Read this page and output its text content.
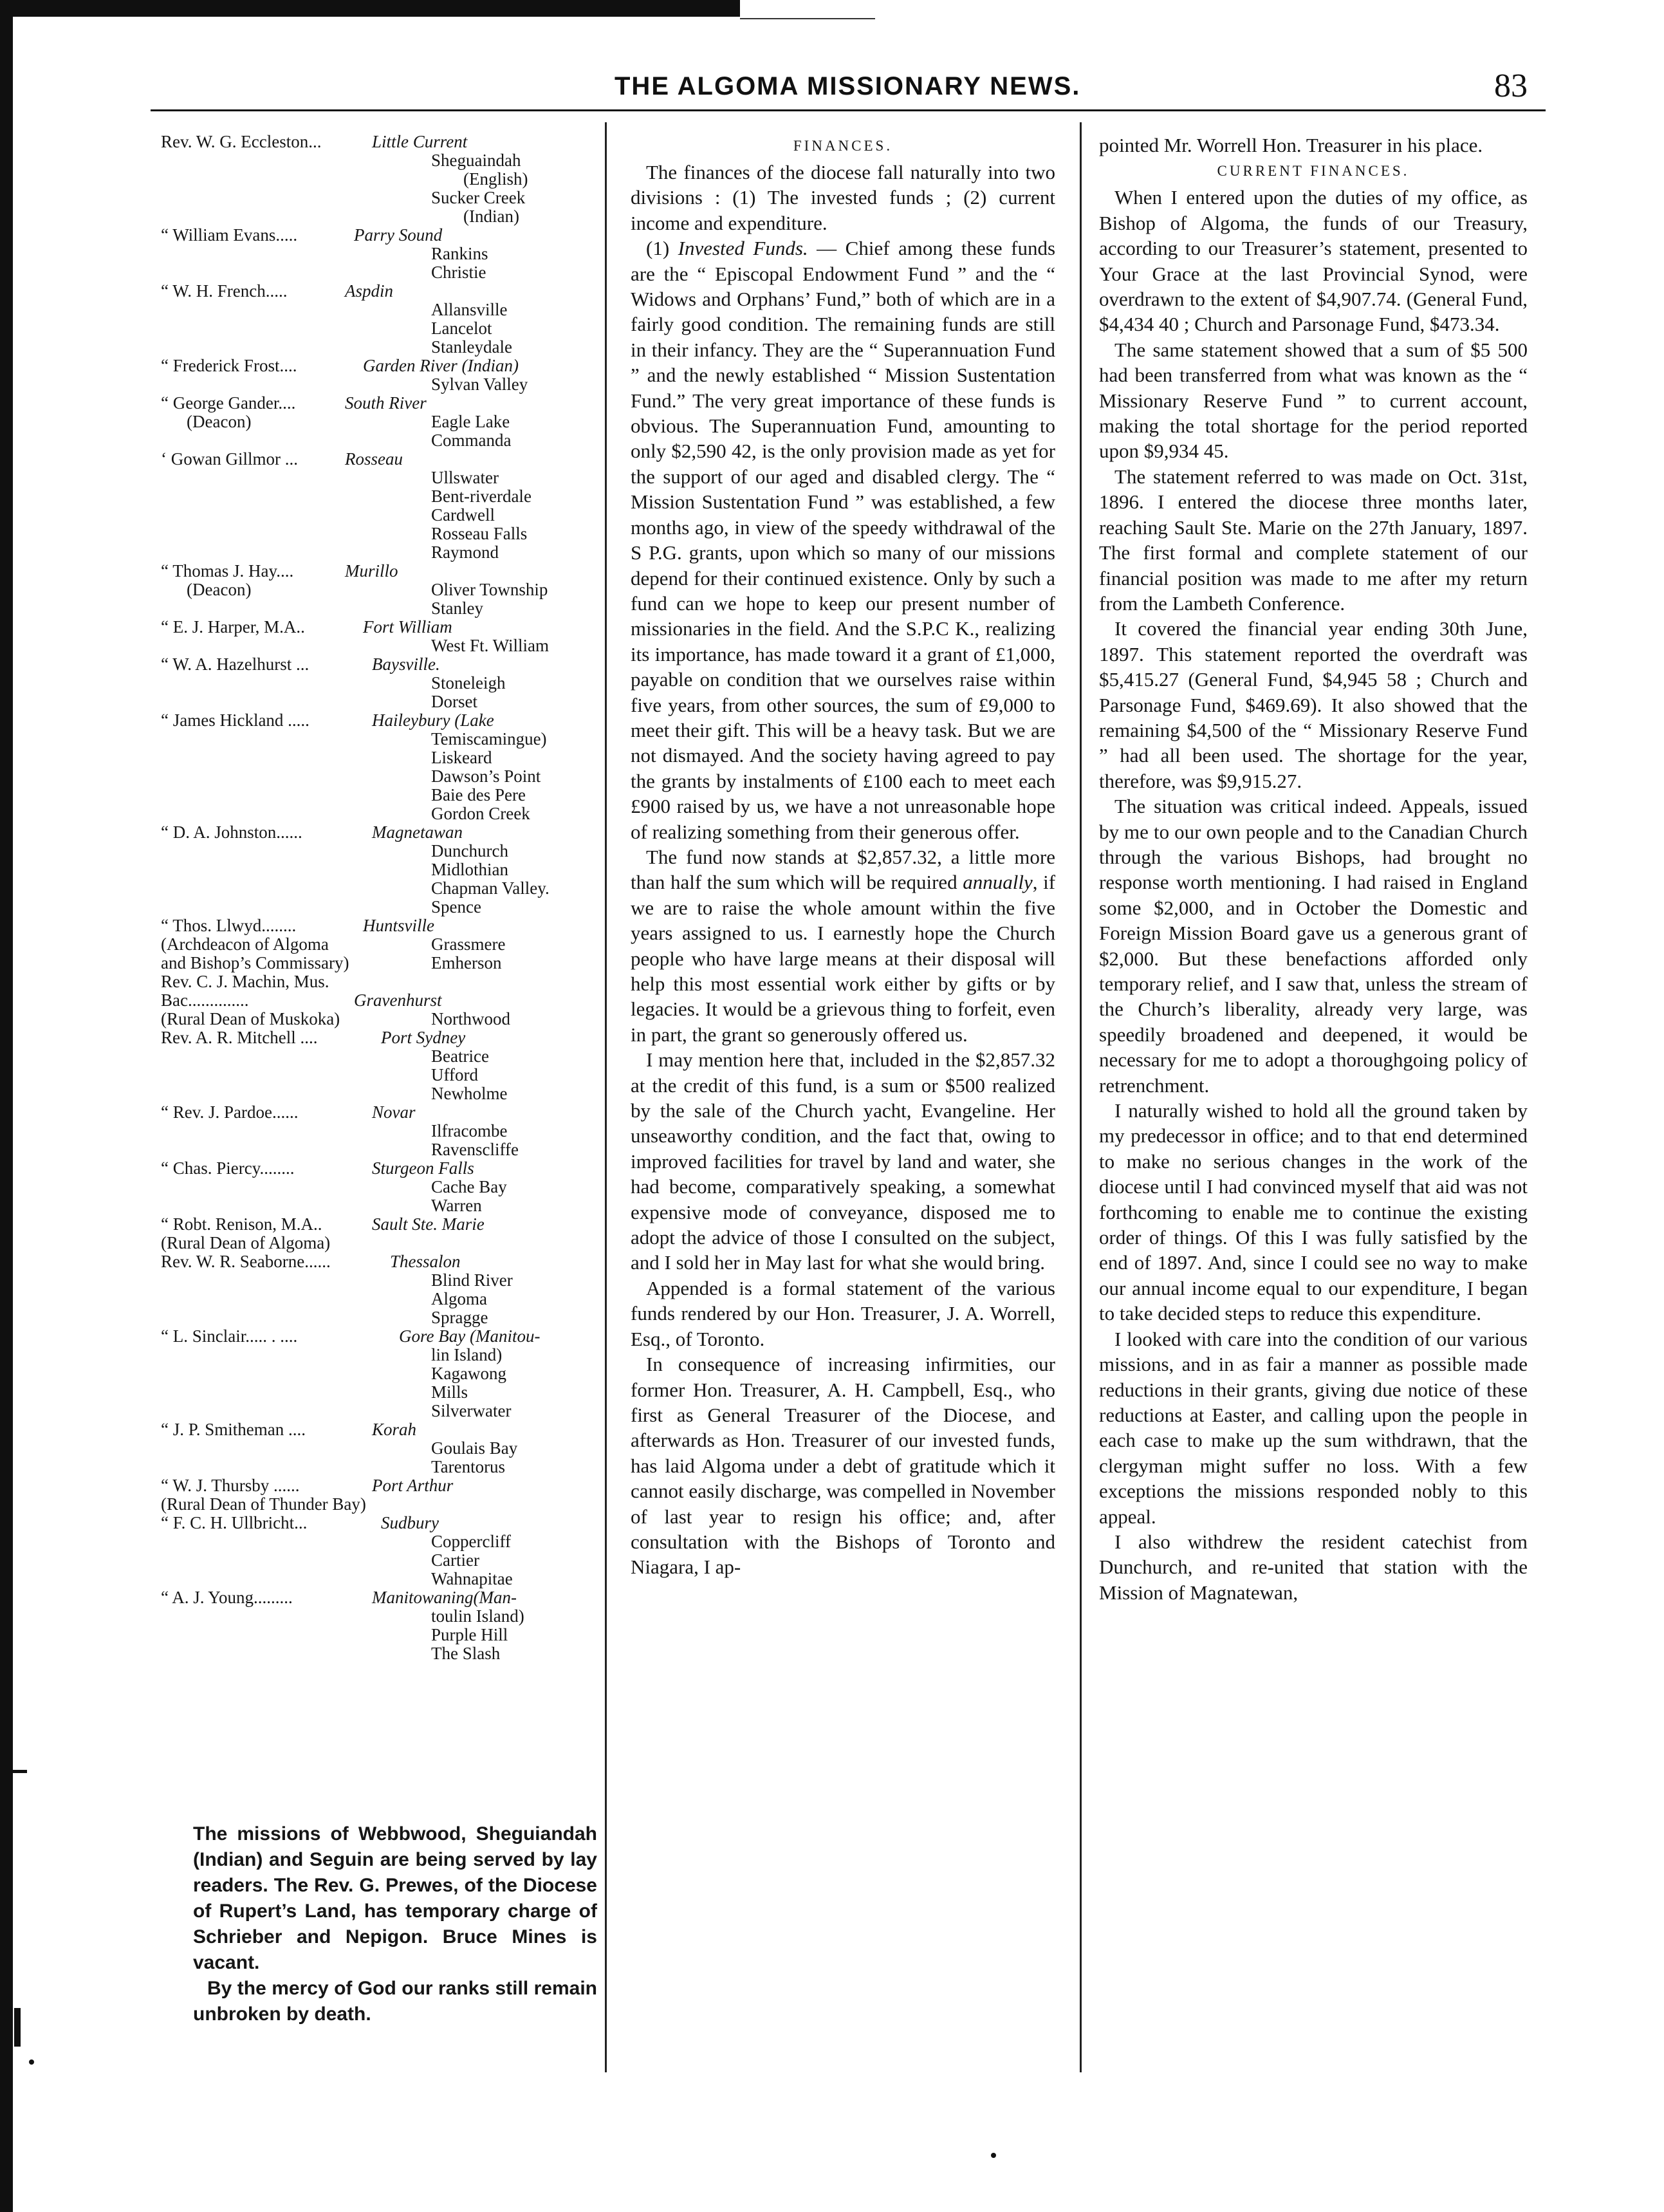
THE ALGOMA MISSIONARY NEWS.	83
Rev. W. G. Eccleston...	Little Current
Sheguaindah
(English)
Sucker Creek
(Indian)
“ William Evans.....	Parry Sound
Rankins
Christie
“ W. H. French.....	Aspdin
Allansville
Lancelot
Stanleydale
“ Frederick Frost....	Garden River (Indian)
Sylvan Valley
“ George Gander....	South River
(Deacon)	Eagle Lake
Commanda
‘ Gowan Gillmor ...	Rosseau
Ullswater
Bent-riverdale
Cardwell
Rosseau Falls
Raymond
“ Thomas J. Hay....	Murillo
(Deacon)	Oliver Township
Stanley
“ E. J. Harper, M.A..	Fort William
West Ft. William
“ W. A. Hazelhurst ...	Baysville.
Stoneleigh
Dorset
“ James Hickland .....	Haileybury (Lake
Temiscamingue)
Liskeard
Dawson’s Point
Baie des Pere
Gordon Creek
“ D. A. Johnston......	Magnetawan
Dunchurch
Midlothian
Chapman Valley.
Spence
“ Thos. Llwyd........	Huntsville
(Archdeacon of Algoma	Grassmere
and Bishop’s Commissary)	Emherson
Rev. C. J. Machin, Mus.
Bac..............	Gravenhurst
(Rural Dean of Muskoka)	Northwood
Rev. A. R. Mitchell ....	Port Sydney
Beatrice
Ufford
Newholme
“ Rev. J. Pardoe......	Novar
Ilfracombe
Ravenscliffe
“ Chas. Piercy........	Sturgeon Falls
Cache Bay
Warren
“ Robt. Renison, M.A..	Sault Ste. Marie
(Rural Dean of Algoma)
Rev. W. R. Seaborne......	Thessalon
Blind River
Algoma
Spragge
“ L. Sinclair..... . ....	Gore Bay (Manitou-
lin Island)
Kagawong
Mills
Silverwater
“ J. P. Smitheman ....	Korah
Goulais Bay
Tarentorus
“ W. J. Thursby ......	Port Arthur
(Rural Dean of Thunder Bay)
“ F. C. H. Ullbricht...	Sudbury
Coppercliff
Cartier
Wahnapitae
“ A. J. Young.........	Manitowaning(Man-
toulin Island)
Purple Hill
The Slash

The missions of Webbwood, Sheguiandah (Indian) and Seguin are being served by lay readers. The Rev. G. Prewes, of the Diocese of Rupert’s Land, has temporary charge of Schrieber and Nepigon. Bruce Mines is vacant.

By the mercy of God our ranks still remain unbroken by death.

FINANCES.

The finances of the diocese fall naturally into two divisions : (1) The invested funds ; (2) current income and expenditure.

(1) Invested Funds. — Chief among these funds are the “ Episcopal Endowment Fund ” and the “ Widows and Orphans’ Fund,” both of which are in a fairly good condition. The remaining funds are still in their infancy. They are the “ Superannuation Fund ” and the newly established “ Mission Sustentation Fund.” The very great importance of these funds is obvious. The Superannuation Fund, amounting to only $2,590 42, is the only provision made as yet for the support of our aged and disabled clergy. The “ Mission Sustentation Fund ” was established, a few months ago, in view of the speedy withdrawal of the S P.G. grants, upon which so many of our missions depend for their continued existence. Only by such a fund can we hope to keep our present number of missionaries in the field. And the S.P.C K., realizing its importance, has made toward it a grant of £1,000, payable on condition that we ourselves raise within five years, from other sources, the sum of £9,000 to meet their gift. This will be a heavy task. But we are not dismayed. And the society having agreed to pay the grants by instalments of £100 each to meet each £900 raised by us, we have a not unreasonable hope of realizing something from their generous offer.

The fund now stands at $2,857.32, a little more than half the sum which will be required annually, if we are to raise the whole amount within the five years assigned to us. I earnestly hope the Church people who have large means at their disposal will help this most essential work either by gifts or by legacies. It would be a grievous thing to forfeit, even in part, the grant so generously offered us.

I may mention here that, included in the $2,857.32 at the credit of this fund, is a sum or $500 realized by the sale of the Church yacht, Evangeline. Her unseaworthy condition, and the fact that, owing to improved facilities for travel by land and water, she had become, comparatively speaking, a somewhat expensive mode of conveyance, disposed me to adopt the advice of those I consulted on the subject, and I sold her in May last for what she would bring.

Appended is a formal statement of the various funds rendered by our Hon. Treasurer, J. A. Worrell, Esq., of Toronto.

In consequence of increasing infirmities, our former Hon. Treasurer, A. H. Campbell, Esq., who first as General Treasurer of the Diocese, and afterwards as Hon. Treasurer of our invested funds, has laid Algoma under a debt of gratitude which it cannot easily discharge, was compelled in November of last year to resign his office; and, after consultation with the Bishops of Toronto and Niagara, I ap-

pointed Mr. Worrell Hon. Treasurer in his place.

CURRENT FINANCES.

When I entered upon the duties of my office, as Bishop of Algoma, the funds of our Treasury, according to our Treasurer’s statement, presented to Your Grace at the last Provincial Synod, were overdrawn to the extent of $4,907.74. (General Fund, $4,434 40 ; Church and Parsonage Fund, $473.34.

The same statement showed that a sum of $5 500 had been transferred from what was known as the “ Missionary Reserve Fund ” to current account, making the total shortage for the period reported upon $9,934 45.

The statement referred to was made on Oct. 31st, 1896. I entered the diocese three months later, reaching Sault Ste. Marie on the 27th January, 1897. The first formal and complete statement of our financial position was made to me after my return from the Lambeth Conference.

It covered the financial year ending 30th June, 1897. This statement reported the overdraft was $5,415.27 (General Fund, $4,945 58 ; Church and Parsonage Fund, $469.69). It also showed that the remaining $4,500 of the “ Missionary Reserve Fund ” had all been used. The shortage for the year, therefore, was $9,915.27.

The situation was critical indeed. Appeals, issued by me to our own people and to the Canadian Church through the various Bishops, had brought no response worth mentioning. I had raised in England some $2,000, and in October the Domestic and Foreign Mission Board gave us a generous grant of $2,000. But these benefactions afforded only temporary relief, and I saw that, unless the stream of the Church’s liberality, already very large, was speedily broadened and deepened, it would be necessary for me to adopt a thoroughgoing policy of retrenchment.

I naturally wished to hold all the ground taken by my predecessor in office; and to that end determined to make no serious changes in the work of the diocese until I had convinced myself that aid was not forthcoming to enable me to continue the existing order of things. Of this I was fully satisfied by the end of 1897. And, since I could see no way to make our annual income equal to our expenditure, I began to take decided steps to reduce this expenditure.

I looked with care into the condition of our various missions, and in as fair a manner as possible made reductions in their grants, giving due notice of these reductions at Easter, and calling upon the people in each case to make up the sum withdrawn, that the clergyman might suffer no loss. With a few exceptions the missions responded nobly to this appeal.

I also withdrew the resident catechist from Dunchurch, and re-united that station with the Mission of Magnatewan,
